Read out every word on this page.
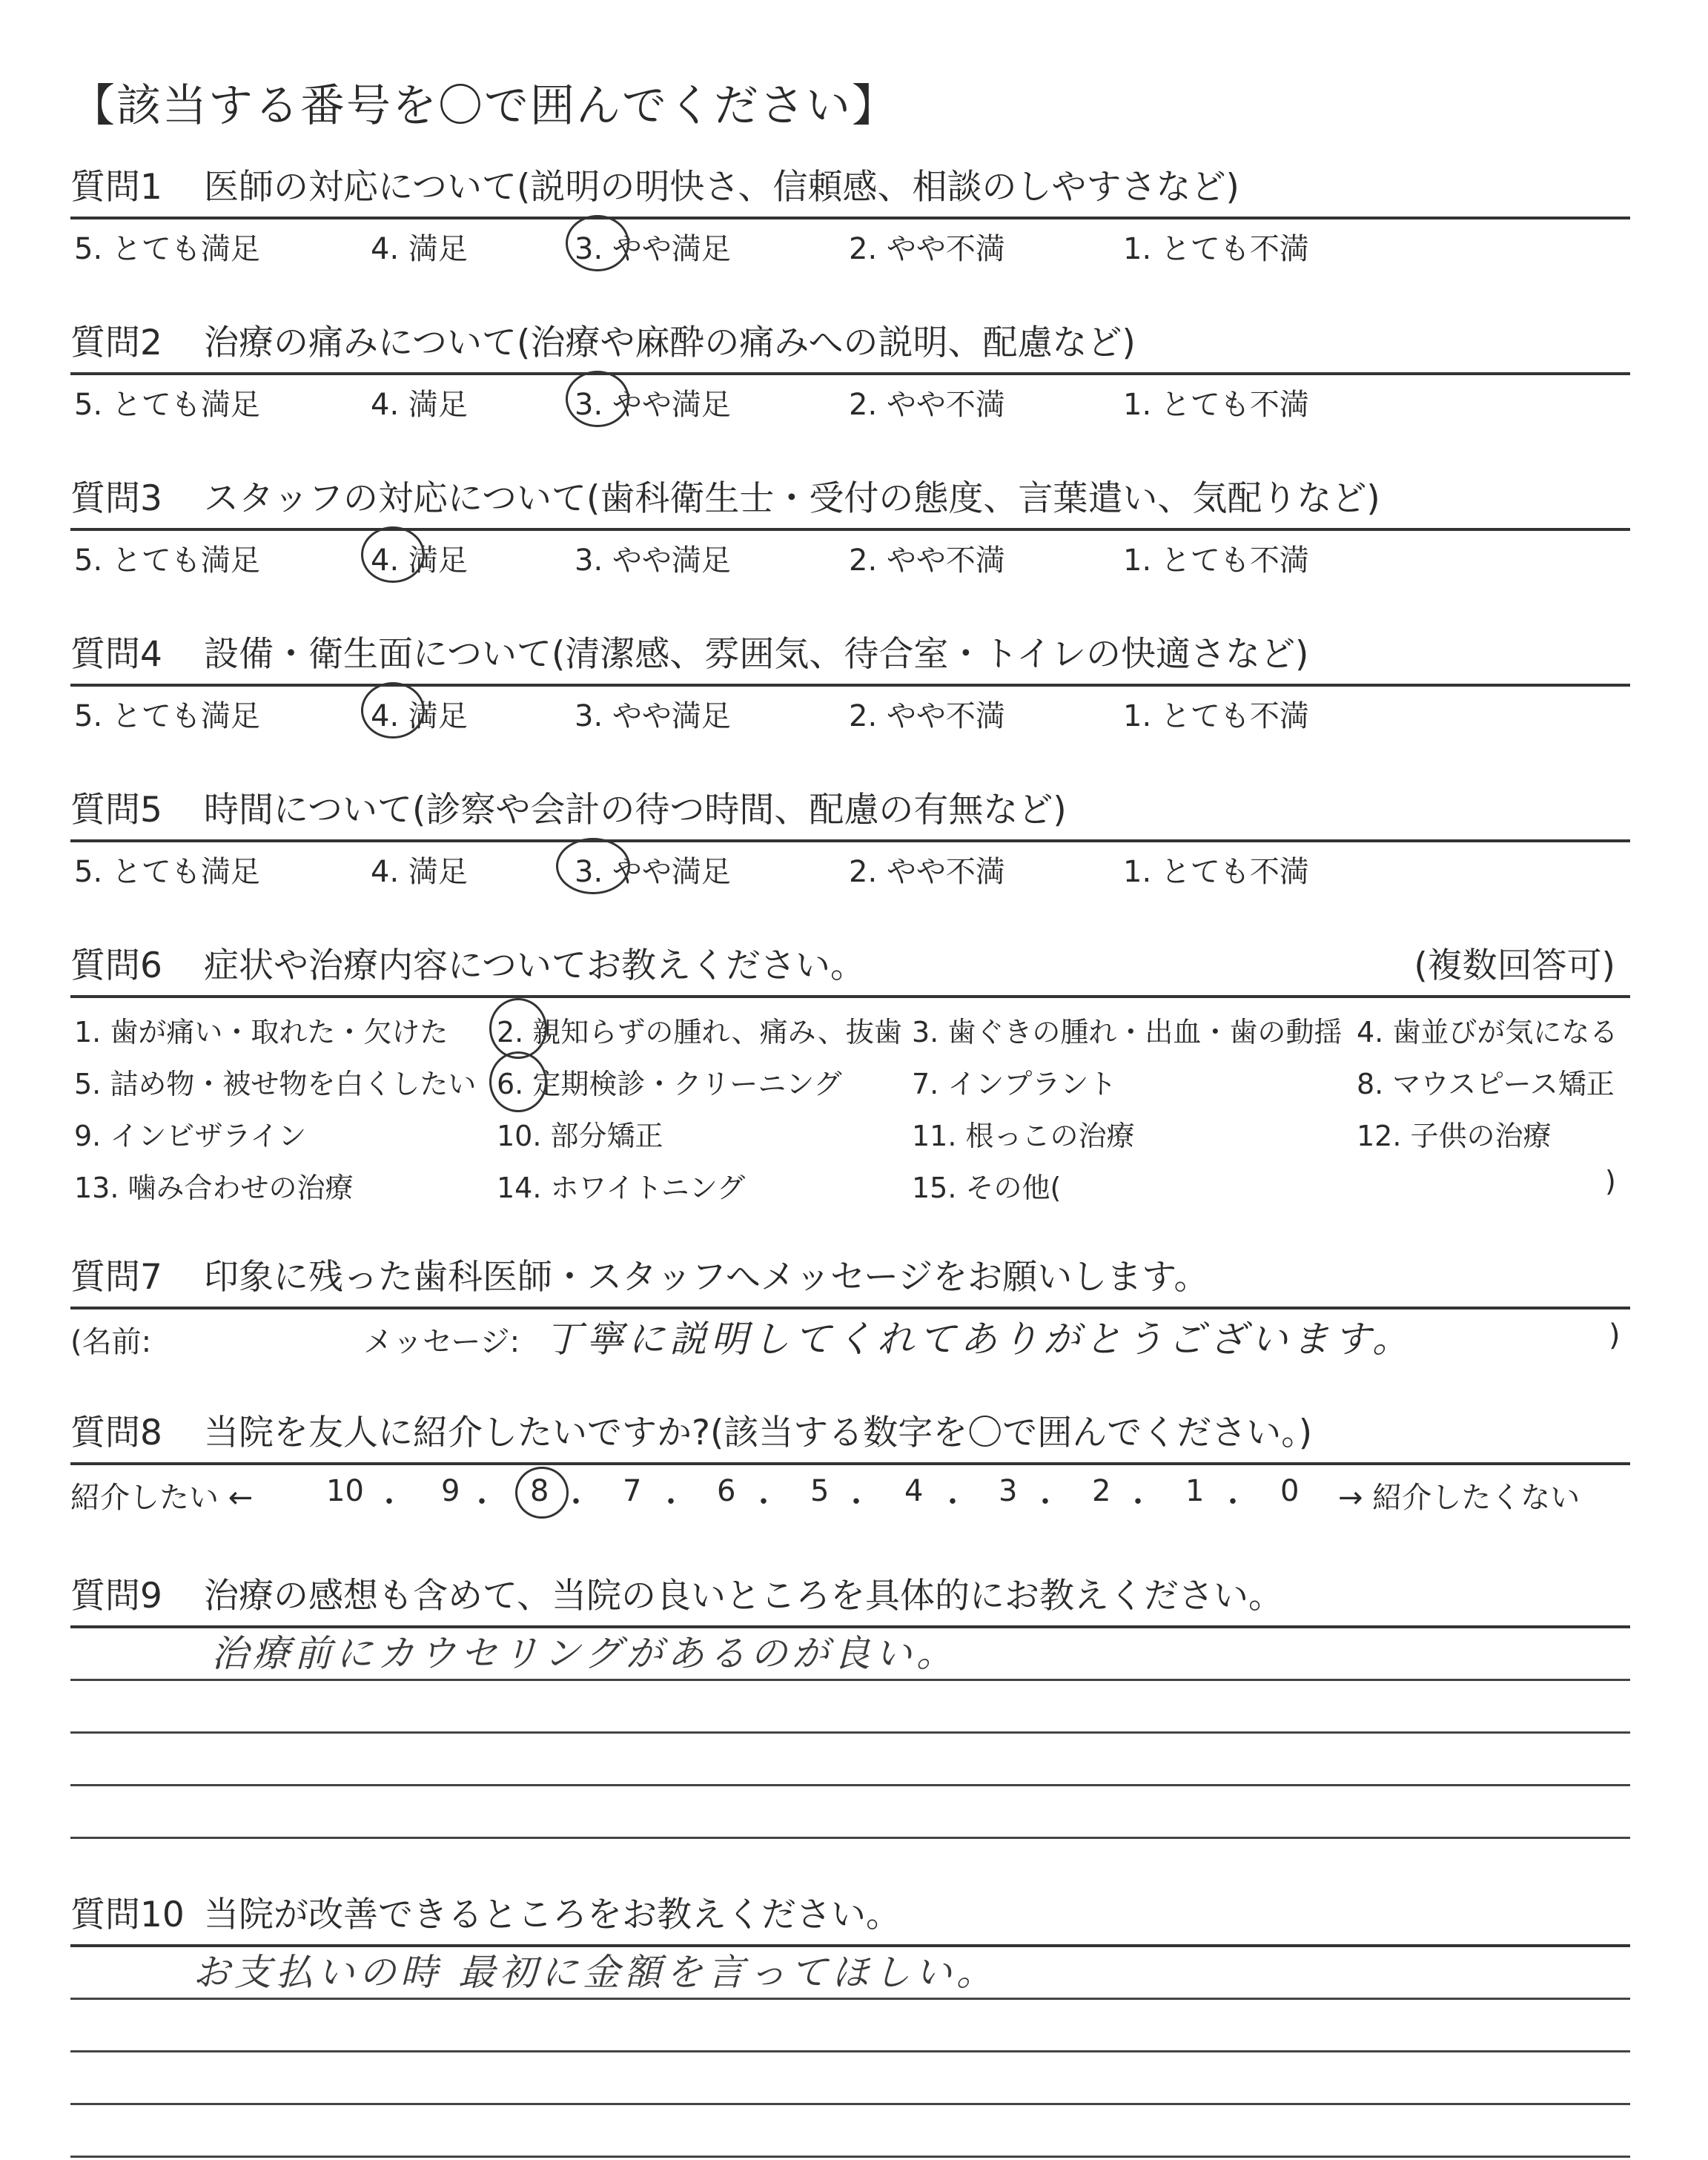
【該当する番号を〇で囲んでください】
質問1 医師の対応について(説明の明快さ、信頼感、相談のしやすさなど)
5. とても満足	4. 満足	3. やや満足	2. やや不満	1. とても不満
質問2 治療の痛みについて(治療や麻酔の痛みへの説明、配慮など)
5. とても満足	4. 満足	3. やや満足	2. やや不満	1. とても不満
質問3 スタッフの対応について(歯科衛生士・受付の態度、言葉遣い、気配りなど)
5. とても満足	4. 満足	3. やや満足	2. やや不満	1. とても不満
質問4 設備・衛生面について(清潔感、雰囲気、待合室・トイレの快適さなど)
5. とても満足	4. 満足	3. やや満足	2. やや不満	1. とても不満
質問5 時間について(診察や会計の待つ時間、配慮の有無など)
5. とても満足	4. 満足	3. やや満足	2. やや不満	1. とても不満
質問6 症状や治療内容についてお教えください。	(複数回答可)
1. 歯が痛い・取れた・欠けた 2. 親知らずの腫れ、痛み、抜歯 3. 歯ぐきの腫れ・出血・歯の動揺 4. 歯並びが気になる
5. 詰め物・被せ物を白くしたい 6. 定期検診・クリーニング 7. インプラント	8. マウスピース矯正
9. インビザライン	10. 部分矯正	11. 根っこの治療	12. 子供の治療
13. 噛み合わせの治療	14. ホワイトニング	15. その他(	)
質問7 印象に残った歯科医師・スタッフへメッセージをお願いします。
(名前:	メッセージ: 丁寧に説明してくれてありがとうございます。	)
質問8 当院を友人に紹介したいですか?(該当する数字を〇で囲んでください。)
紹介したい ← 10	9 8 7	6	5	4	3	2	1	0 → 紹介したくない
・ ・ ・ ・ ・ ・ ・ ・ ・ ・
質問9 治療の感想も含めて、当院の良いところを具体的にお教えください。
治療前にカウセリングがあるのが良い。
質問10 当院が改善できるところをお教えください。
お支払いの時 最初に金額を言ってほしい。
